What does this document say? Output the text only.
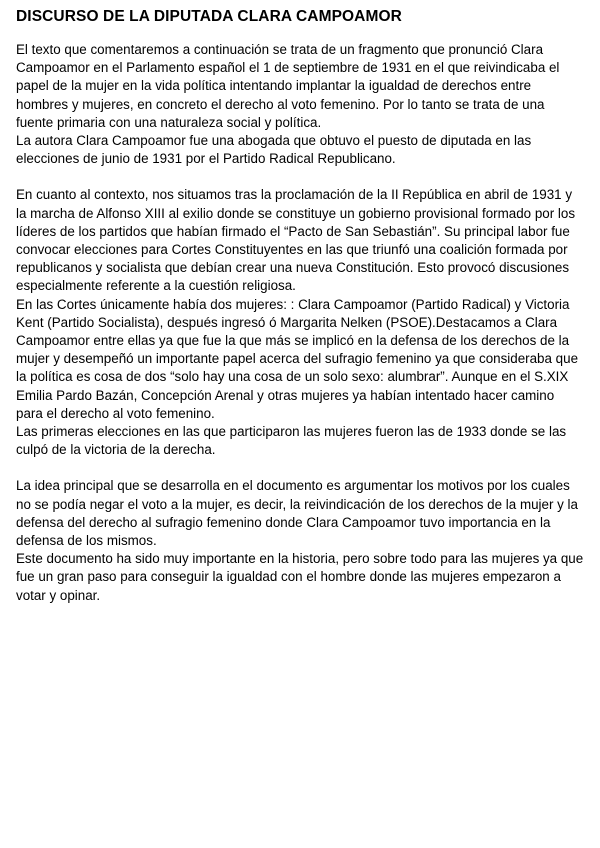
DISCURSO DE LA DIPUTADA CLARA CAMPOAMOR

El texto que comentaremos a continuación se trata de un fragmento que pronunció Clara Campoamor en el Parlamento español el 1 de septiembre de 1931 en el que reivindicaba el papel de la mujer en la vida política intentando implantar la igualdad de derechos entre hombres y mujeres, en concreto el derecho al voto femenino. Por lo tanto se trata de una fuente primaria con una naturaleza social y política.

La autora Clara Campoamor fue una abogada que obtuvo el puesto de diputada en las elecciones de junio de 1931 por el Partido Radical Republicano.

En cuanto al contexto, nos situamos tras la proclamación de la II República en abril de 1931 y la marcha de Alfonso XIII al exilio donde se constituye un gobierno provisional formado por los líderes de los partidos que habían firmado el “Pacto de San Sebastián”. Su principal labor fue convocar elecciones para Cortes Constituyentes en las que triunfó una coalición formada por republicanos y socialista que debían crear una nueva Constitución. Esto provocó discusiones especialmente referente a la cuestión religiosa.

En las Cortes únicamente había dos mujeres: : Clara Campoamor (Partido Radical) y Victoria Kent (Partido Socialista), después ingresó ó Margarita Nelken (PSOE).Destacamos a Clara Campoamor entre ellas ya que fue la que más se implicó en la defensa de los derechos de la mujer y desempeñó un importante papel acerca del sufragio femenino ya que consideraba que la política es cosa de dos “solo hay una cosa de un solo sexo: alumbrar”. Aunque en el S.XIX Emilia Pardo Bazán, Concepción Arenal y otras mujeres ya habían intentado hacer camino para el derecho al voto femenino.

Las primeras elecciones en las que participaron las mujeres fueron las de 1933 donde se las culpó de la victoria de la derecha.

La idea principal que se desarrolla en el documento es argumentar los motivos por los cuales no se podía negar el voto a la mujer, es decir, la reivindicación de los derechos de la mujer y la defensa del derecho al sufragio femenino donde Clara Campoamor tuvo importancia en la defensa de los mismos.

Este documento ha sido muy importante en la historia, pero sobre todo para las mujeres ya que fue un gran paso para conseguir la igualdad con el hombre donde las mujeres empezaron a votar y opinar.
